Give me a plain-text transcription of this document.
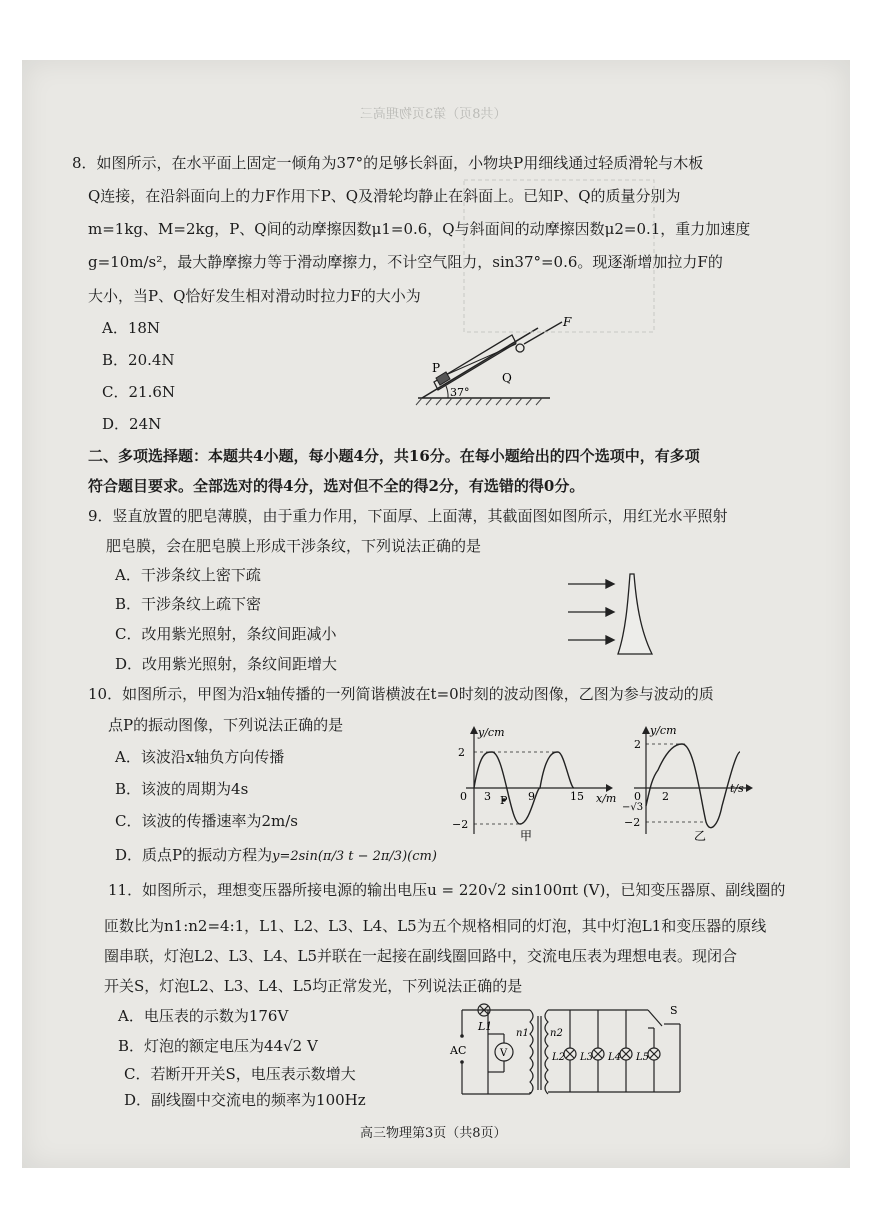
（共8页）第3页物理高三
8．如图所示，在水平面上固定一倾角为37°的足够长斜面，小物块P用细线通过轻质滑轮与木板
Q连接，在沿斜面向上的力F作用下P、Q及滑轮均静止在斜面上。已知P、Q的质量分别为
m=1kg、M=2kg，P、Q间的动摩擦因数μ1=0.6，Q与斜面间的动摩擦因数μ2=0.1，重力加速度
g=10m/s²，最大静摩擦力等于滑动摩擦力，不计空气阻力，sin37°=0.6。现逐渐增加拉力F的
大小，当P、Q恰好发生相对滑动时拉力F的大小为
A．18N
B．20.4N
C．21.6N
D．24N
F
P
Q
37°
二、多项选择题：本题共4小题，每小题4分，共16分。在每小题给出的四个选项中，有多项
符合题目要求。全部选对的得4分，选对但不全的得2分，有选错的得0分。
9．竖直放置的肥皂薄膜，由于重力作用，下面厚、上面薄，其截面图如图所示，用红光水平照射
肥皂膜，会在肥皂膜上形成干涉条纹，下列说法正确的是
A．干涉条纹上密下疏
B．干涉条纹上疏下密
C．改用紫光照射，条纹间距减小
D．改用紫光照射，条纹间距增大
10．如图所示，甲图为沿x轴传播的一列简谐横波在t=0时刻的波动图像，乙图为参与波动的质
点P的振动图像，下列说法正确的是
A．该波沿x轴负方向传播
B．该波的周期为4s
C．该波的传播速率为2m/s
D．质点P的振动方程为y=2sin(π/3 t − 2π/3)(cm)
y/cm
x/m
0 3	9	15
2
−2
P
甲
y/cm
t/s
0 2
2
−√3
−2
乙
11．如图所示，理想变压器所接电源的输出电压u = 220√2 sin100πt (V)，已知变压器原、副线圈的
匝数比为n1:n2=4:1，L1、L2、L3、L4、L5为五个规格相同的灯泡，其中灯泡L1和变压器的原线
圈串联，灯泡L2、L3、L4、L5并联在一起接在副线圈回路中，交流电压表为理想电表。现闭合
开关S，灯泡L2、L3、L4、L5均正常发光，下列说法正确的是
A．电压表的示数为176V
B．灯泡的额定电压为44√2 V
C．若断开开关S，电压表示数增大
D．副线圈中交流电的频率为100Hz
L1
V
AC
n1 n2
S
L2 L3 L4 L5
高三物理第3页（共8页）
